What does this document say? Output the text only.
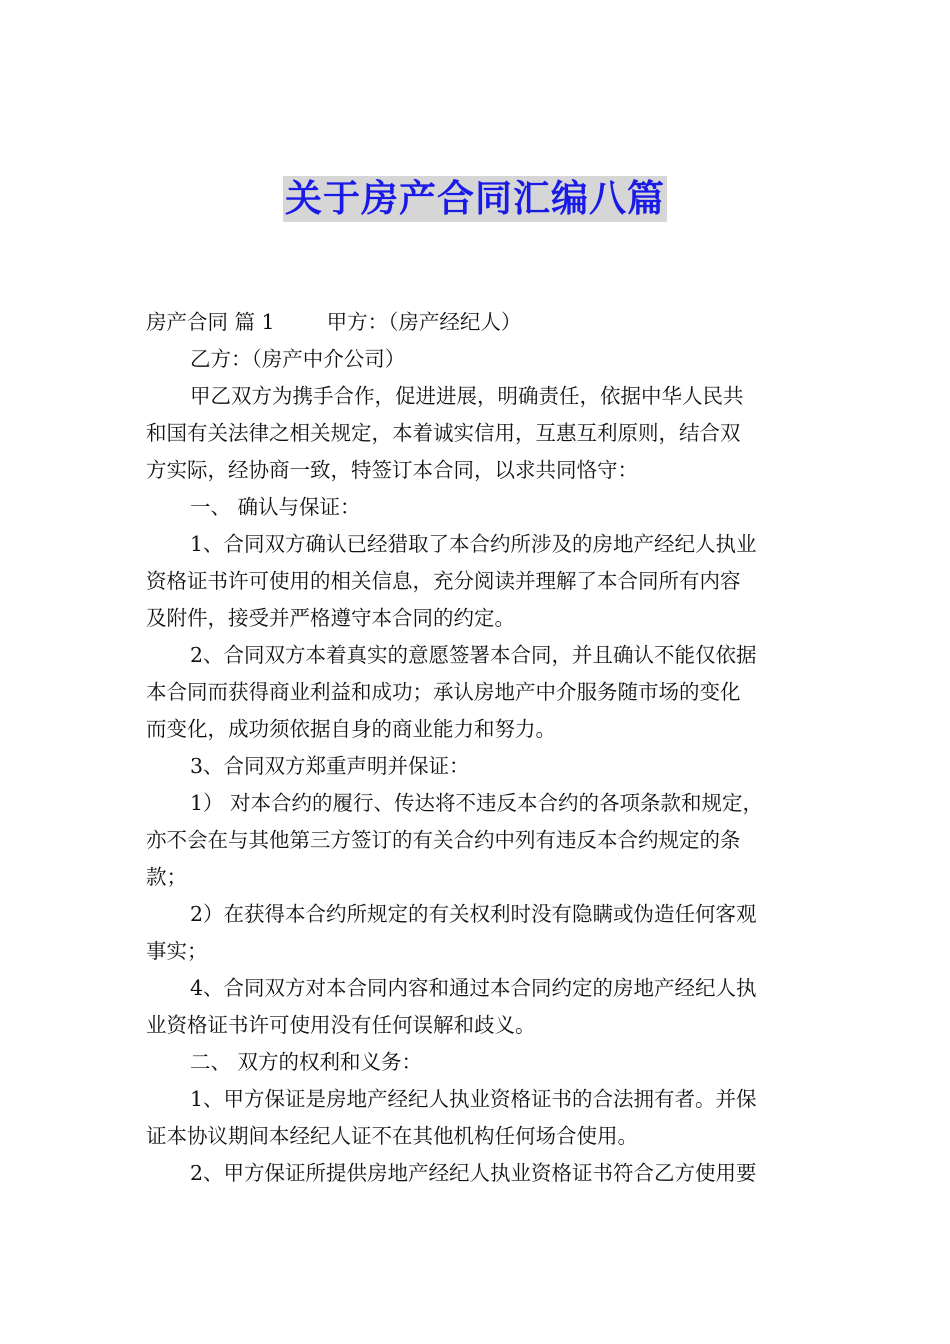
关于房产合同汇编八篇
房产合同 篇 1	甲方：（房产经纪人）
乙方：（房产中介公司）
甲乙双方为携手合作，促进进展，明确责任，依据中华人民共
和国有关法律之相关规定，本着诚实信用，互惠互利原则，结合双
方实际，经协商一致，特签订本合同，以求共同恪守：
一、 确认与保证：
1、合同双方确认已经猎取了本合约所涉及的房地产经纪人执业
资格证书许可使用的相关信息，充分阅读并理解了本合同所有内容
及附件，接受并严格遵守本合同的约定。
2、合同双方本着真实的意愿签署本合同，并且确认不能仅依据
本合同而获得商业利益和成功；承认房地产中介服务随市场的变化
而变化，成功须依据自身的商业能力和努力。
3、合同双方郑重声明并保证：
1） 对本合约的履行、传达将不违反本合约的各项条款和规定，
亦不会在与其他第三方签订的有关合约中列有违反本合约规定的条
款；
2）在获得本合约所规定的有关权利时没有隐瞒或伪造任何客观
事实；
4、合同双方对本合同内容和通过本合同约定的房地产经纪人执
业资格证书许可使用没有任何误解和歧义。
二、 双方的权利和义务：
1、甲方保证是房地产经纪人执业资格证书的合法拥有者。并保
证本协议期间本经纪人证不在其他机构任何场合使用。
2、甲方保证所提供房地产经纪人执业资格证书符合乙方使用要
